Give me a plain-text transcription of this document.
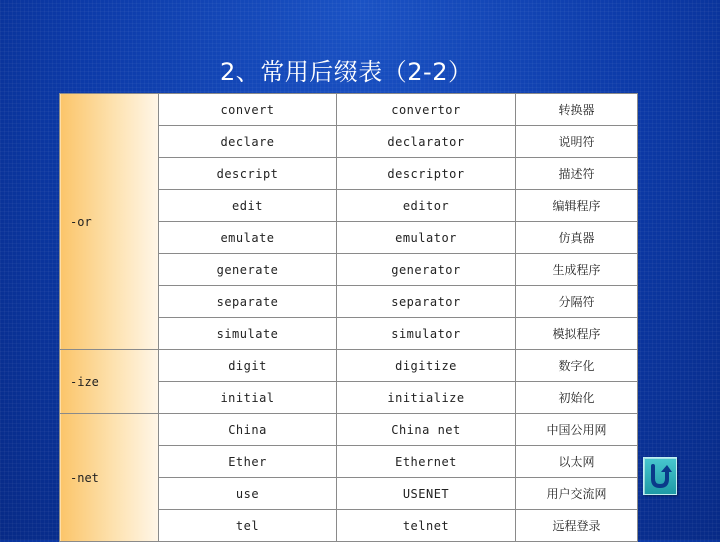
2、常用后缀表（2-2）
-or	convert	convertor	转换器
	declare	declarator	说明符
	descript	descriptor	描述符
	edit	editor	编辑程序
	emulate	emulator	仿真器
	generate	generator	生成程序
	separate	separator	分隔符
	simulate	simulator	模拟程序
-ize	digit	digitize	数字化
	initial	initialize	初始化
-net	China	China net	中国公用网
	Ether	Ethernet	以太网
	use	USENET	用户交流网
	tel	telnet	远程登录
